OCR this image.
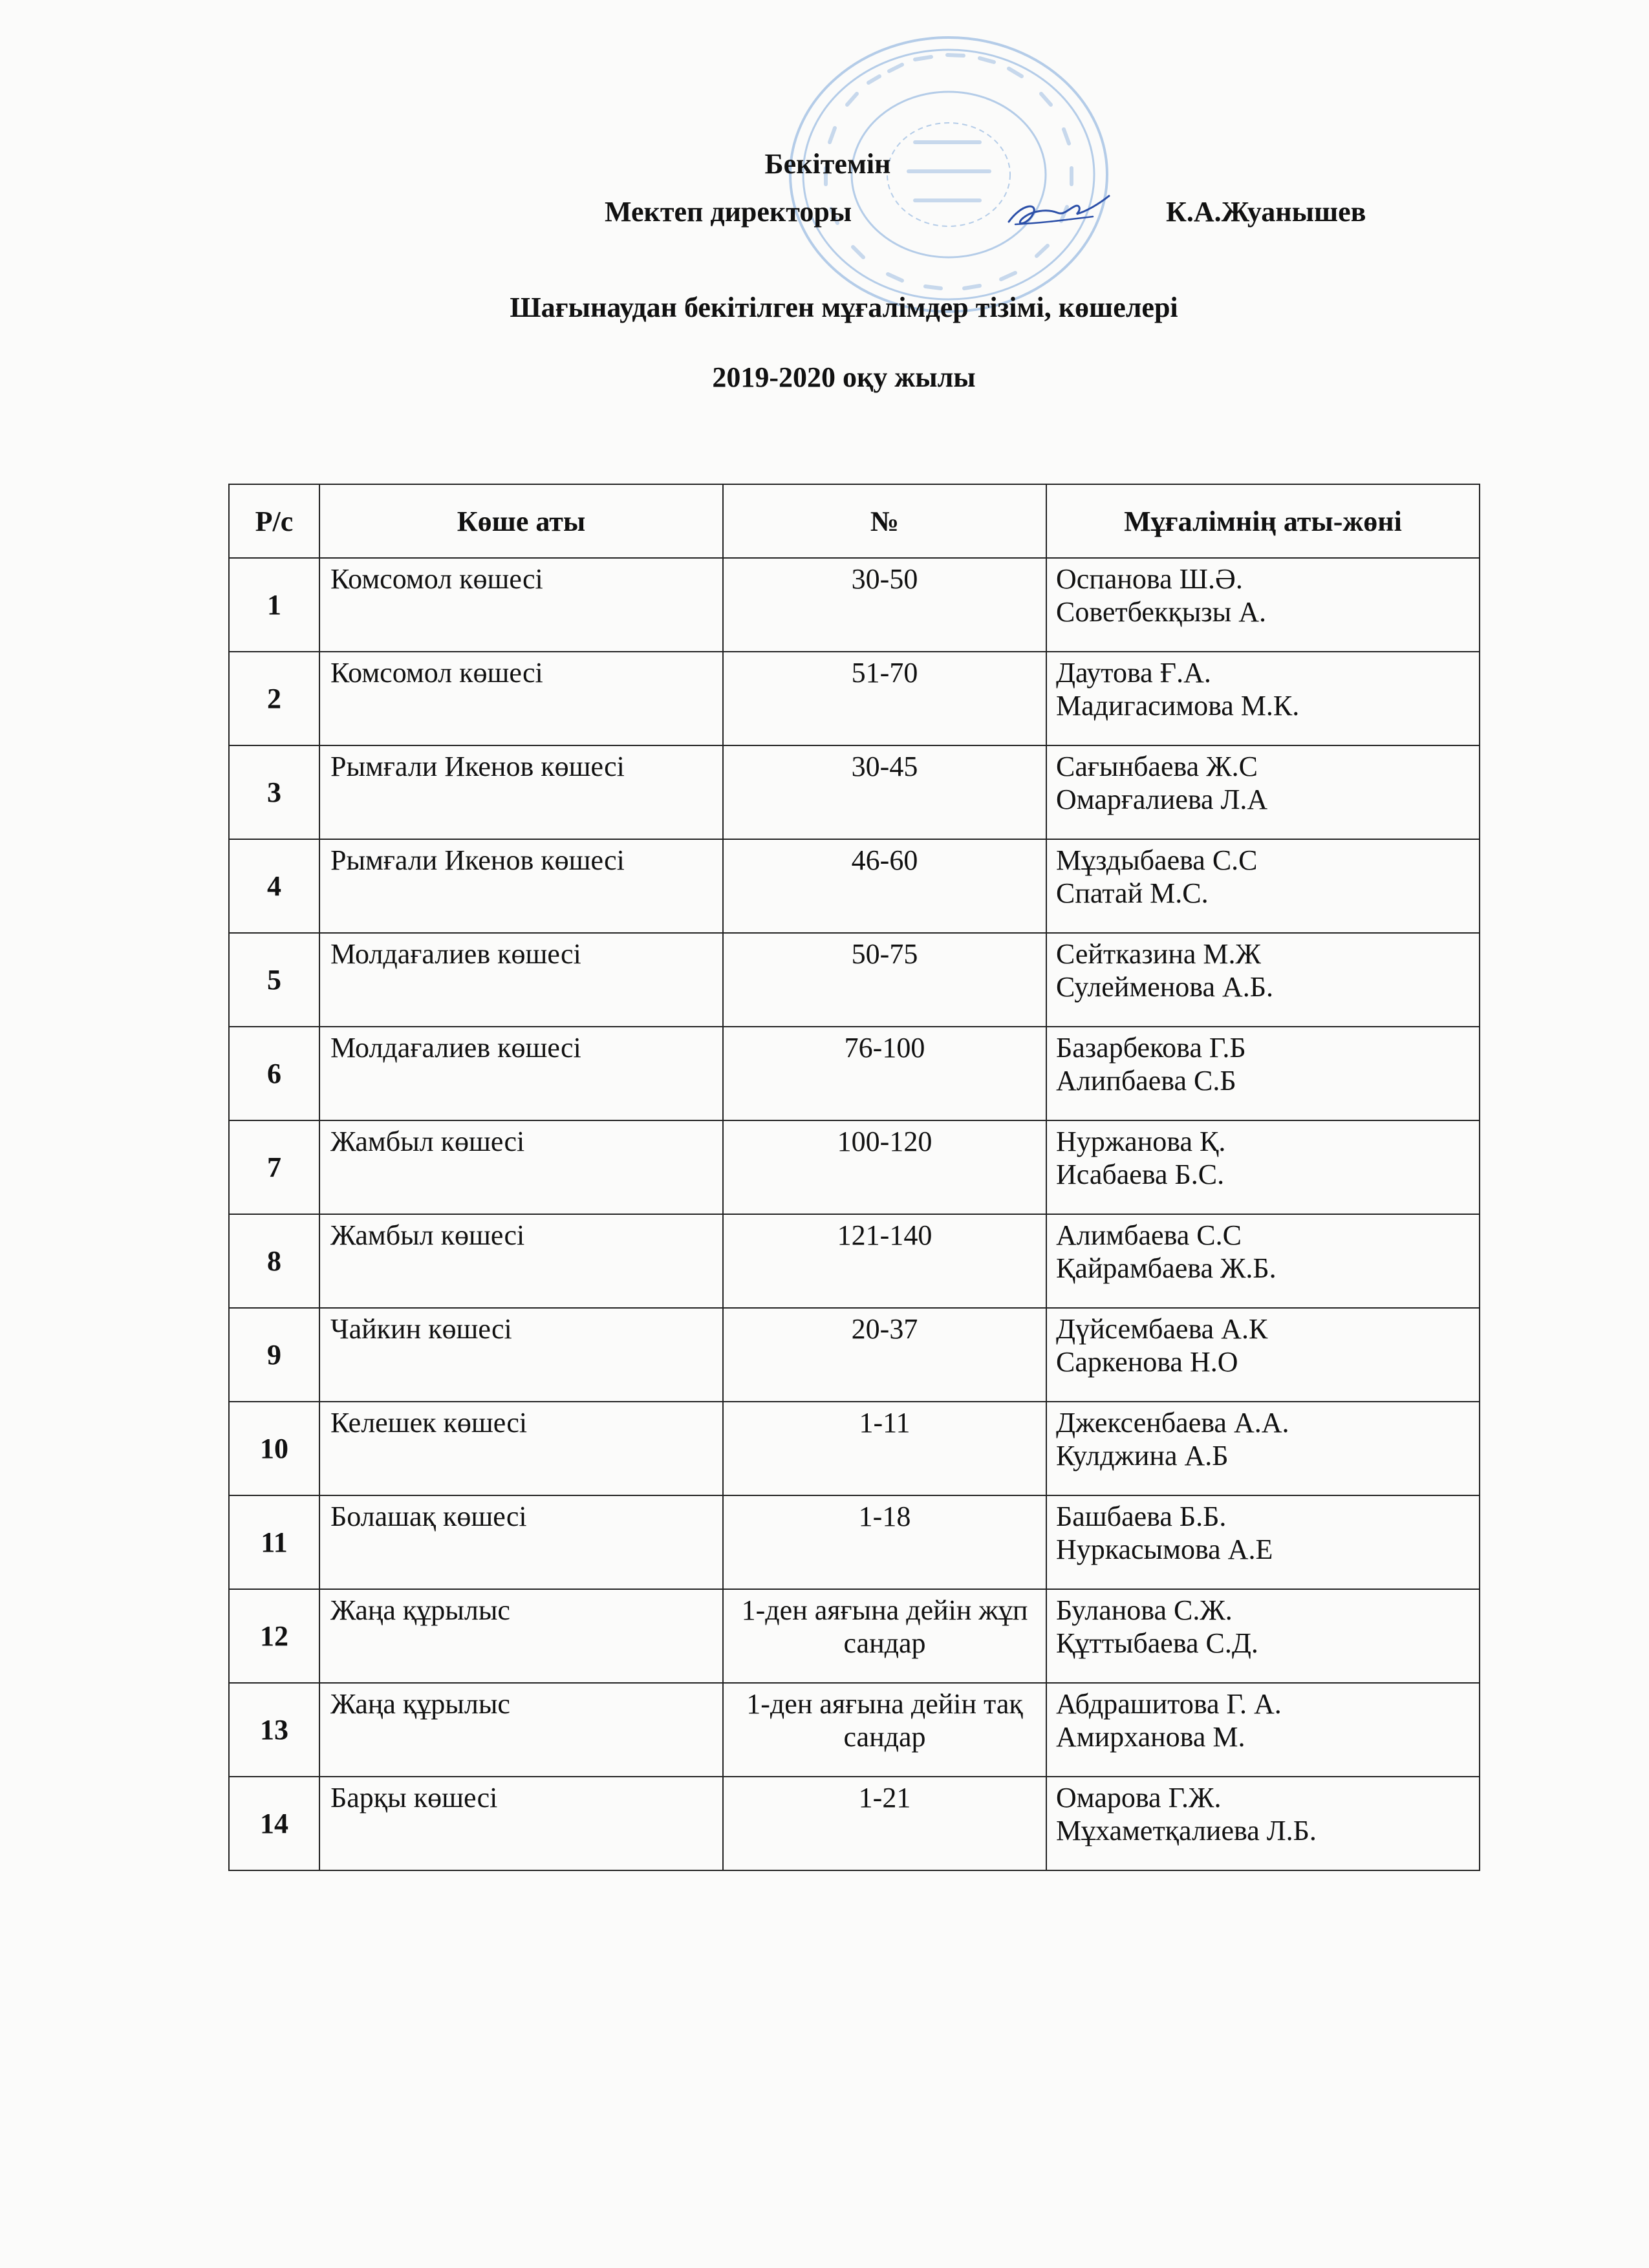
Бекітемін
Мектеп директоры	К.А.Жуанышев
Шағынаудан бекітілген мұғалімдер тізімі, көшелері
2019-2020 оқу жылы
Р/с	Көше аты	№	Мұғалімнің аты-жөні
1	Комсомол көшесі	30-50	Оспанова Ш.Ә.
Советбекқызы А.

2	Комсомол көшесі	51-70	Даутова Ғ.А.
Мадигасимова М.К.

3	Рымғали Икенов көшесі	30-45	Сағынбаева Ж.С
Омарғалиева Л.А

4	Рымғали Икенов көшесі	46-60	Мұздыбаева С.С
Спатай М.С.

5	Молдағалиев көшесі	50-75	Сейтказина М.Ж
Сулейменова А.Б.

6	Молдағалиев көшесі	76-100	Базарбекова Г.Б
Алипбаева С.Б

7	Жамбыл көшесі	100-120	Нуржанова Қ.
Исабаева Б.С.

8	Жамбыл көшесі	121-140	Алимбаева С.С
Қайрамбаева Ж.Б.

9	Чайкин көшесі	20-37	Дүйсембаева А.К
Саркенова Н.О

10	Келешек көшесі	1-11	Джексенбаева А.А.
Кулджина А.Б

11	Болашақ көшесі	1-18	Башбаева Б.Б.
Нуркасымова А.Е

12	Жаңа құрылыс	1-ден аяғына дейін жұп сандар	Буланова С.Ж.
Құттыбаева С.Д.

13	Жаңа құрылыс	1-ден аяғына дейін тақ сандар	Абдрашитова Г. А.
Амирханова М.

14	Барқы көшесі	1-21	Омарова Г.Ж.
Мұхаметқалиева Л.Б.
